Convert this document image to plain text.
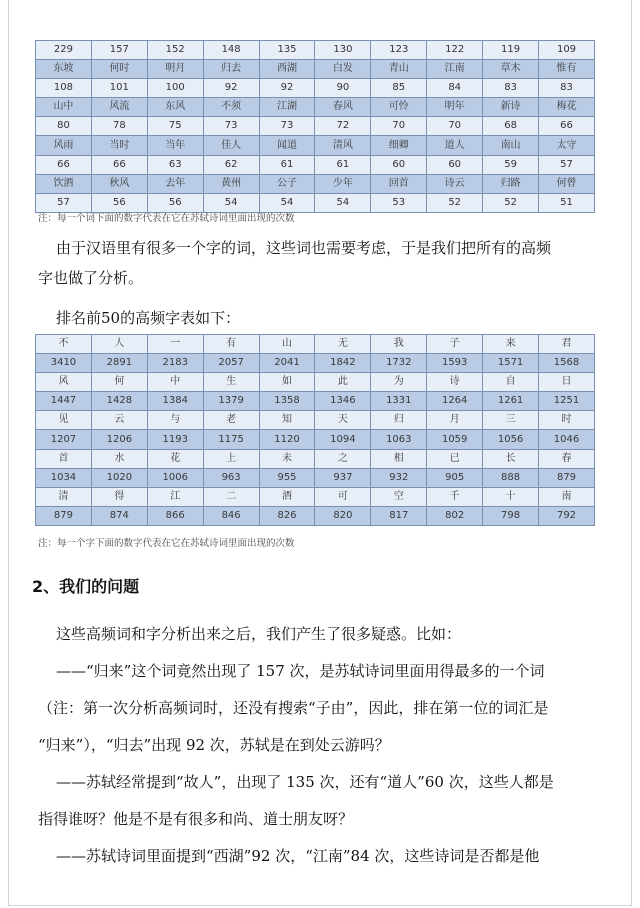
229	157	152	148	135	130	123	122	119	109
东坡	何时	明月	归去	西湖	白发	青山	江南	草木	惟有
108	101	100	92	92	90	85	84	83	83
山中	风流	东风	不须	江湖	春风	可怜	明年	新诗	梅花
80	78	75	73	73	72	70	70	68	66
风雨	当时	当年	佳人	闻道	清风	细卿	道人	南山	太守
66	66	63	62	61	61	60	60	59	57
饮酒	秋风	去年	黄州	公子	少年	回首	诗云	归路	何曾
57	56	56	54	54	54	53	52	52	51
注：每一个词下面的数字代表在它在苏轼诗词里面出现的次数
由于汉语里有很多一个字的词，这些词也需要考虑，于是我们把所有的高频
字也做了分析。
排名前50的高频字表如下：
不	人	一	有	山	无	我	子	来	君
3410	2891	2183	2057	2041	1842	1732	1593	1571	1568
风	何	中	生	如	此	为	诗	自	日
1447	1428	1384	1379	1358	1346	1331	1264	1261	1251
见	云	与	老	知	天	归	月	三	时
1207	1206	1193	1175	1120	1094	1063	1059	1056	1046
首	水	花	上	未	之	相	已	长	春
1034	1020	1006	963	955	937	932	905	888	879
清	得	江	二	酒	可	空	千	十	南
879	874	866	846	826	820	817	802	798	792
注：每一个字下面的数字代表在它在苏轼诗词里面出现的次数
2、我们的问题
这些高频词和字分析出来之后，我们产生了很多疑惑。比如：
——“归来”这个词竟然出现了 157 次，是苏轼诗词里面用得最多的一个词
（注：第一次分析高频词时，还没有搜索“子由”，因此，排在第一位的词汇是
“归来”），“归去”出现 92 次，苏轼是在到处云游吗？
——苏轼经常提到“故人”，出现了 135 次，还有“道人”60 次，这些人都是
指得谁呀？他是不是有很多和尚、道士朋友呀？
——苏轼诗词里面提到“西湖”92 次，“江南”84 次，这些诗词是否都是他
